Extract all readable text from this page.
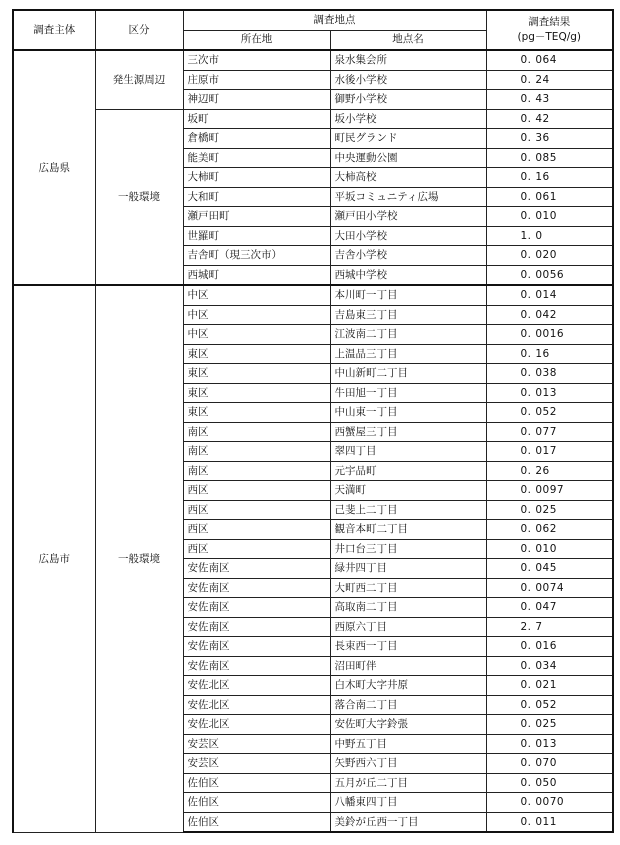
調査主体	区分	調査地点		調査結果
(pg－TEQ/g)

		所在地	地点名	
広島県	発生源周辺	三次市	泉水集会所	0. 064
		庄原市	水後小学校	0. 24
		神辺町	御野小学校	0. 43
	一般環境	坂町	坂小学校	0. 42
		倉橋町	町民グランド	0. 36
		能美町	中央運動公園	0. 085
		大柿町	大柿高校	0. 16
		大和町	平坂コミュニティ広場	0. 061
		瀬戸田町	瀬戸田小学校	0. 010
		世羅町	大田小学校	1. 0
		吉舎町（現三次市）	吉舎小学校	0. 020
		西城町	西城中学校	0. 0056
広島市	一般環境	中区	本川町一丁目	0. 014
		中区	吉島東三丁目	0. 042
		中区	江波南二丁目	0. 0016
		東区	上温品三丁目	0. 16
		東区	中山新町二丁目	0. 038
		東区	牛田旭一丁目	0. 013
		東区	中山東一丁目	0. 052
		南区	西蟹屋三丁目	0. 077
		南区	翠四丁目	0. 017
		南区	元宇品町	0. 26
		西区	天満町	0. 0097
		西区	己斐上二丁目	0. 025
		西区	観音本町二丁目	0. 062
		西区	井口台三丁目	0. 010
		安佐南区	緑井四丁目	0. 045
		安佐南区	大町西二丁目	0. 0074
		安佐南区	高取南二丁目	0. 047
		安佐南区	西原六丁目	2. 7
		安佐南区	長束西一丁目	0. 016
		安佐南区	沼田町伴	0. 034
		安佐北区	白木町大字井原	0. 021
		安佐北区	落合南二丁目	0. 052
		安佐北区	安佐町大字鈴張	0. 025
		安芸区	中野五丁目	0. 013
		安芸区	矢野西六丁目	0. 070
		佐伯区	五月が丘二丁目	0. 050
		佐伯区	八幡東四丁目	0. 0070
		佐伯区	美鈴が丘西一丁目	0. 011
